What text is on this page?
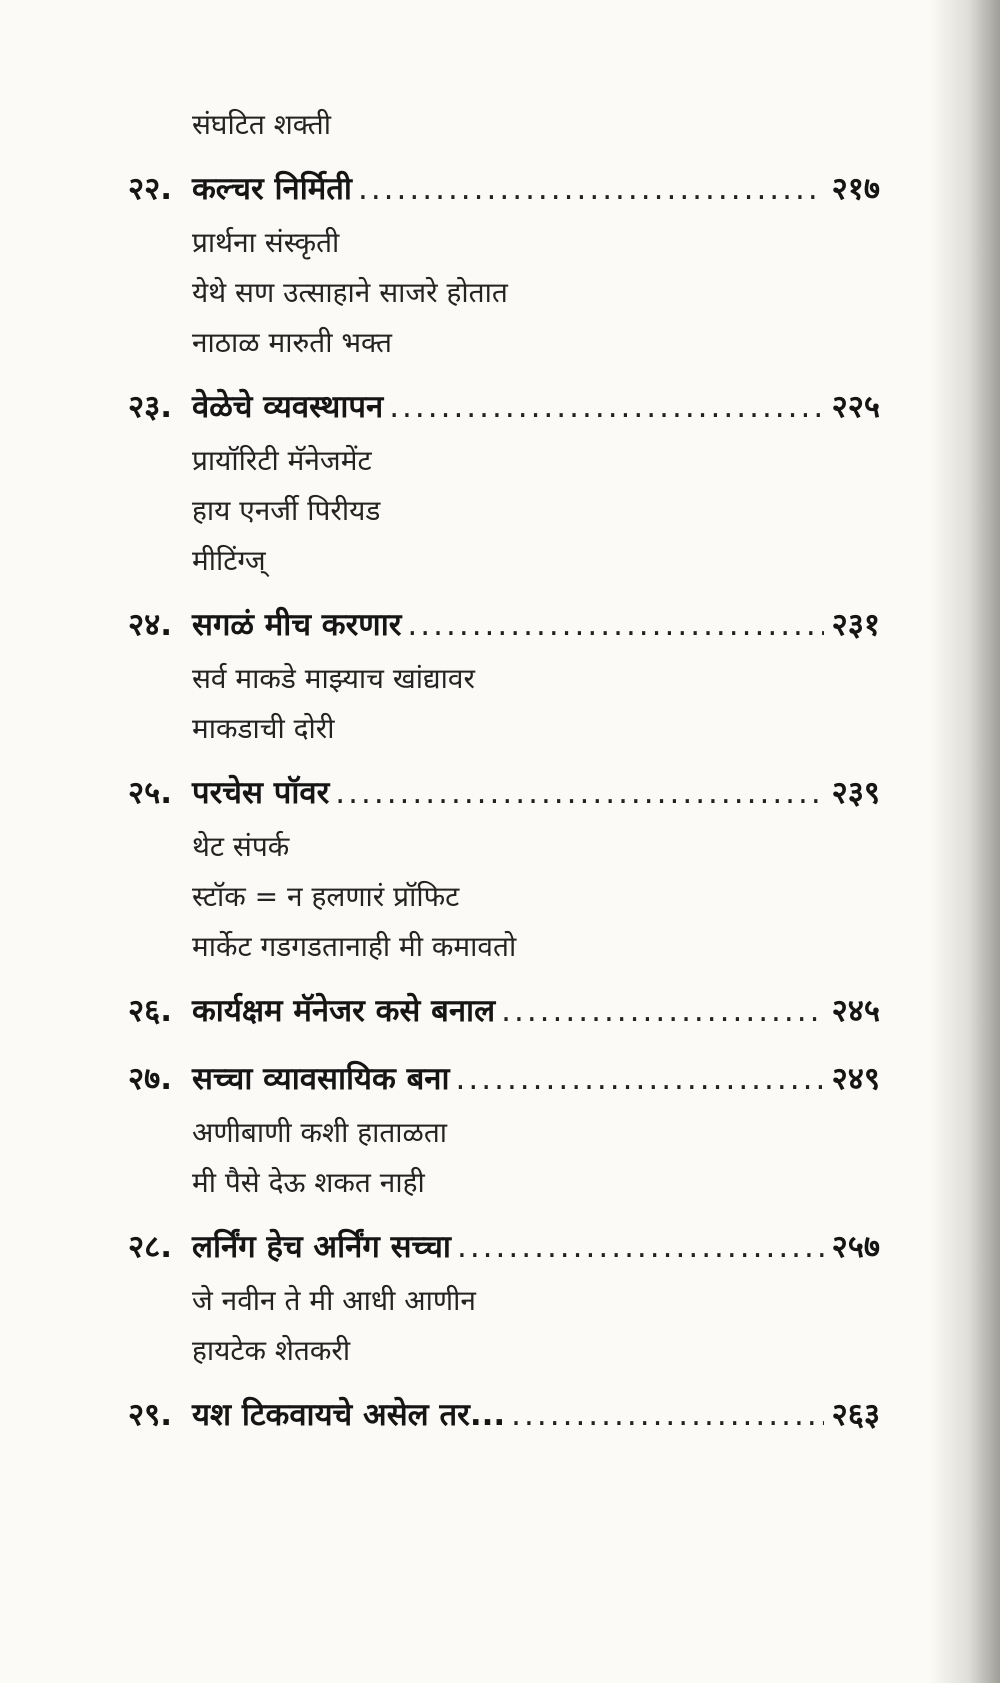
संघटित शक्ती
२२. कल्चर निर्मिती .....	२१७
प्रार्थना संस्कृती
येथे सण उत्साहाने साजरे होतात
नाठाळ मारुती भक्त
२३. वेळेचे व्यवस्थापन .....	२२५
प्रायॉरिटी मॅनेजमेंट
हाय एनर्जी पिरीयड
मीटिंग्ज्
२४. सगळं मीच करणार .....	२३१
सर्व माकडे माझ्याच खांद्यावर
माकडाची दोरी
२५. परचेस पॉवर .....	२३९
थेट संपर्क
स्टॉक = न हलणारं प्रॉफिट
मार्केट गडगडतानाही मी कमावतो
२६. कार्यक्षम मॅनेजर कसे बनाल .....	२४५
२७. सच्चा व्यावसायिक बना .....	२४९
अणीबाणी कशी हाताळता
मी पैसे देऊ शकत नाही
२८. लर्निंग हेच अर्निंग सच्चा .....	२५७
जे नवीन ते मी आधी आणीन
हायटेक शेतकरी
२९. यश टिकवायचे असेल तर... .....	२६३
